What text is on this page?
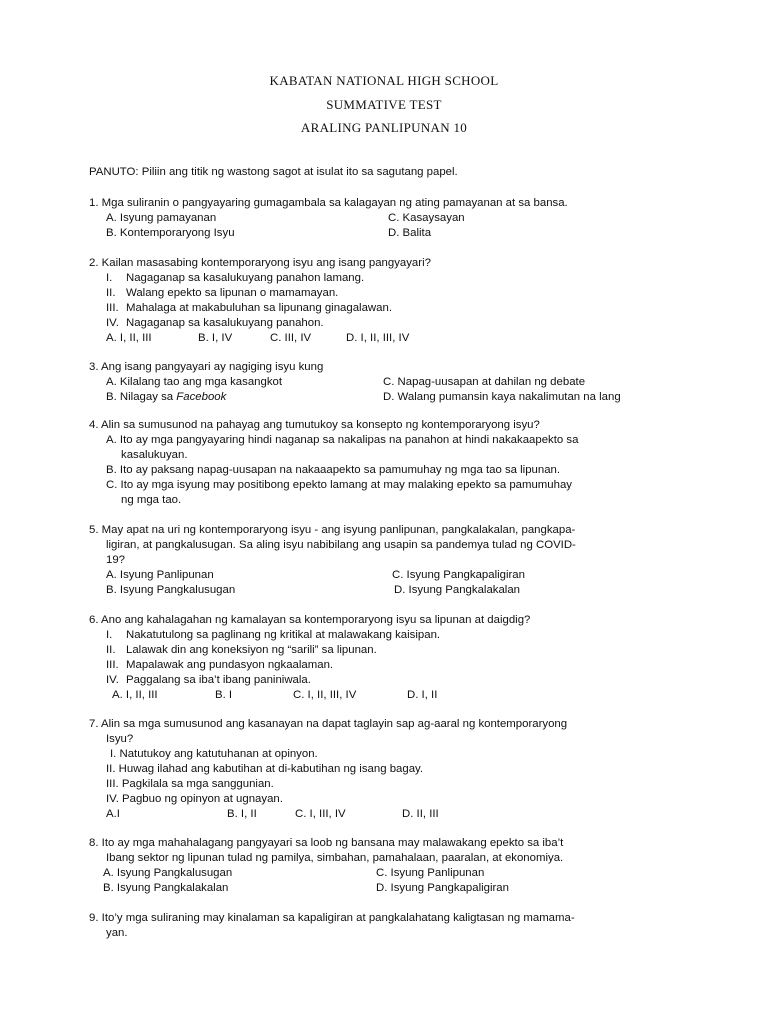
KABATAN NATIONAL HIGH SCHOOL
SUMMATIVE TEST
ARALING PANLIPUNAN 10
PANUTO: Piliin ang titik ng wastong sagot at isulat ito sa sagutang papel.
1. Mga suliranin o pangyayaring gumagambala sa kalagayan ng ating pamayanan at sa bansa.
A. Isyung pamayanan	C. Kasaysayan
B. Kontemporaryong Isyu	D. Balita
2. Kailan masasabing kontemporaryong isyu ang isang pangyayari?
I.	Nagaganap sa kasalukuyang panahon lamang.
II. Walang epekto sa lipunan o mamamayan.
III. Mahalaga at makabuluhan sa lipunang ginagalawan.
IV. Nagaganap sa kasalukuyang panahon.
A. I, II, III	B. I, IV	C. III, IV	D. I, II, III, IV
3. Ang isang pangyayari ay nagiging isyu kung
A. Kilalang tao ang mga kasangkot	C. Napag-uusapan at dahilan ng debate
B. Nilagay sa Facebook	D. Walang pumansin kaya nakalimutan na lang
4. Alin sa sumusunod na pahayag ang tumutukoy sa konsepto ng kontemporaryong isyu?
A. Ito ay mga pangyayaring hindi naganap sa nakalipas na panahon at hindi nakakaapekto sa
kasalukuyan.
B. Ito ay paksang napag-uusapan na nakaaapekto sa pamumuhay ng mga tao sa lipunan.
C. Ito ay mga isyung may positibong epekto lamang at may malaking epekto sa pamumuhay
ng mga tao.
5. May apat na uri ng kontemporaryong isyu - ang isyung panlipunan, pangkalakalan, pangkapa-
ligiran, at pangkalusugan. Sa aling isyu nabibilang ang usapin sa pandemya tulad ng COVID-
19?
A. Isyung Panlipunan	C. Isyung Pangkapaligiran
B. Isyung Pangkalusugan	D. Isyung Pangkalakalan
6. Ano ang kahalagahan ng kamalayan sa kontemporaryong isyu sa lipunan at daigdig?
I.	Nakatutulong sa paglinang ng kritikal at malawakang kaisipan.
II. Lalawak din ang koneksiyon ng “sarili” sa lipunan.
III. Mapalawak ang pundasyon ngkaalaman.
IV. Paggalang sa iba’t ibang paniniwala.
A. I, II, III	B. I	C. I, II, III, IV	D. I, II
7. Alin sa mga sumusunod ang kasanayan na dapat taglayin sap ag-aaral ng kontemporaryong
Isyu?
I. Natutukoy ang katutuhanan at opinyon.
II. Huwag ilahad ang kabutihan at di-kabutihan ng isang bagay.
III. Pagkilala sa mga sanggunian.
IV. Pagbuo ng opinyon at ugnayan.
A.I	B. I, II	C. I, III, IV	D. II, III
8. Ito ay mga mahahalagang pangyayari sa loob ng bansana may malawakang epekto sa iba’t
Ibang sektor ng lipunan tulad ng pamilya, simbahan, pamahalaan, paaralan, at ekonomiya.
A. Isyung Pangkalusugan	C. Isyung Panlipunan
B. Isyung Pangkalakalan	D. Isyung Pangkapaligiran
9. Ito’y mga suliraning may kinalaman sa kapaligiran at pangkalahatang kaligtasan ng mamama-
yan.
